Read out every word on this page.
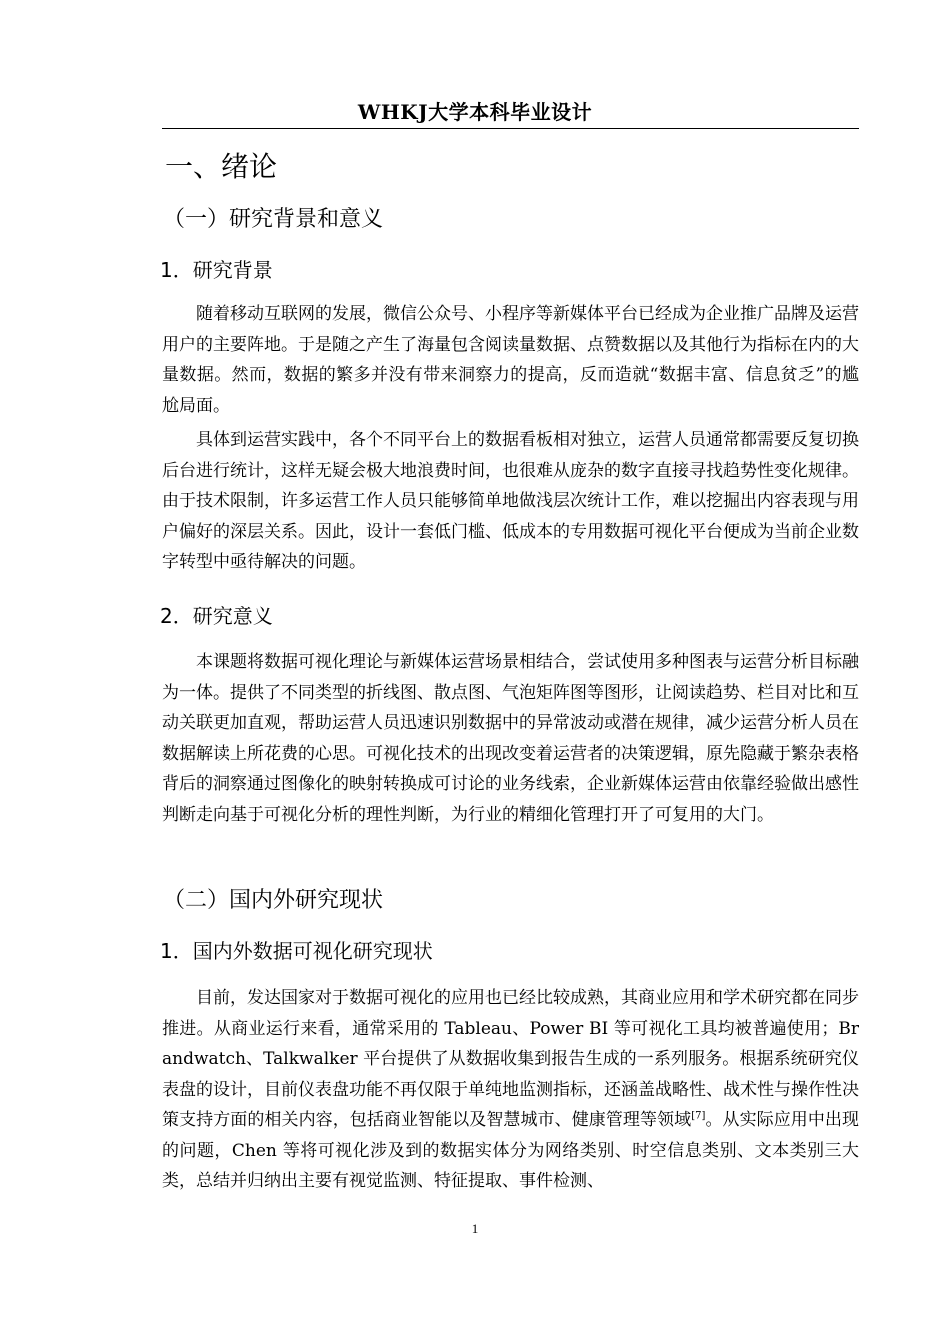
WHKJ大学本科毕业设计
一、绪论
（一）研究背景和意义
1．研究背景

随着移动互联网的发展，微信公众号、小程序等新媒体平台已经成为企业推广品牌及运营用户的主要阵地。于是随之产生了海量包含阅读量数据、点赞数据以及其他行为指标在内的大量数据。然而，数据的繁多并没有带来洞察力的提高，反而造就“数据丰富、信息贫乏”的尴尬局面。

具体到运营实践中，各个不同平台上的数据看板相对独立，运营人员通常都需要反复切换后台进行统计，这样无疑会极大地浪费时间，也很难从庞杂的数字直接寻找趋势性变化规律。由于技术限制，许多运营工作人员只能够简单地做浅层次统计工作，难以挖掘出内容表现与用户偏好的深层关系。因此，设计一套低门槛、低成本的专用数据可视化平台便成为当前企业数字转型中亟待解决的问题。

2．研究意义

本课题将数据可视化理论与新媒体运营场景相结合，尝试使用多种图表与运营分析目标融为一体。提供了不同类型的折线图、散点图、气泡矩阵图等图形，让阅读趋势、栏目对比和互动关联更加直观，帮助运营人员迅速识别数据中的异常波动或潜在规律，减少运营分析人员在数据解读上所花费的心思。可视化技术的出现改变着运营者的决策逻辑，原先隐藏于繁杂表格背后的洞察通过图像化的映射转换成可讨论的业务线索，企业新媒体运营由依靠经验做出感性判断走向基于可视化分析的理性判断，为行业的精细化管理打开了可复用的大门。

（二）国内外研究现状
1．国内外数据可视化研究现状

目前，发达国家对于数据可视化的应用也已经比较成熟，其商业应用和学术研究都在同步推进。从商业运行来看，通常采用的 Tableau、Power BI 等可视化工具均被普遍使用；Brandwatch、Talkwalker 平台提供了从数据收集到报告生成的一系列服务。根据系统研究仪表盘的设计，目前仪表盘功能不再仅限于单纯地监测指标，还涵盖战略性、战术性与操作性决策支持方面的相关内容，包括商业智能以及智慧城市、健康管理等领域[7]。从实际应用中出现的问题，Chen 等将可视化涉及到的数据实体分为网络类别、时空信息类别、文本类别三大类，总结并归纳出主要有视觉监测、特征提取、事件检测、

1
